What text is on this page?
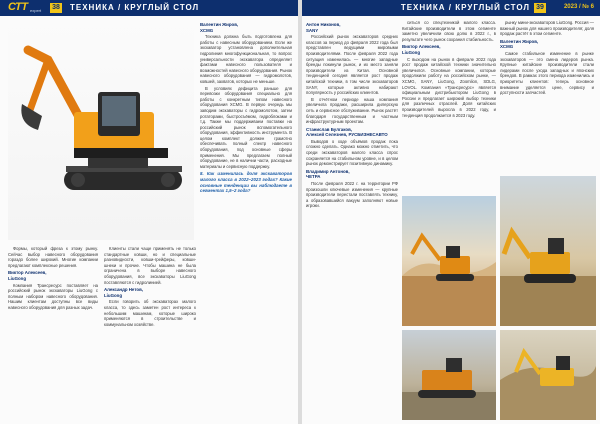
СТТ expert 38 ТЕХНИКА / КРУГЛЫЙ СТОЛ
Валентин Жиров,
XCMG

Техника должна быть подготовлена для работы с навесным оборудованием. Если же экскаватор установлена дополнительная гидролиния многофункциональная, то вопрос универсальности экскаватора определяет фактами навесного пользователя и возможностей навесного оборудования. Рынок навесного оборудования — гидромолотов, ковшей, захватов, которых не меньше.

В условиях дефицита раньше для перевозки оборудования специально для работы с конкретным типом навесного оборудования XCMG. В первую очередь мы заводим экскаваторы с гидромолотом, затем ротаторами, быстросъёмом, гидроблоками и т.д. Также мы поддерживаем поставки на российский рынок вспомогательного оборудования, эффективность инструмента. В целом комплект должен грамотно обеспечивать полный спектр навесного оборудования, под основные сферы применения. Мы предлагаем полный оборудование, не в наличии части, расходные материалы и сервисную поддержку.

8. Как изменилась доля экскаваторов малого класса в 2022–2023 годах? Какие основные тенденции вы наблюдаете в сегментах 1,5–2 года?

Формы, который фреза к этому рынку. Сейчас выбор навесного оборудования гораздо более широкий. Многие компании предлагают комплексные решения.

Виктор Алексеев,
LiuGong

Компания Трансресурс поставляет на российский рынок экскаваторы LiuGong с полным набором навесного оборудования. Нашим клиентам доступны все виды навесного оборудования для разных задач.

Клиенты стали чаще применять не только стандартные ковши, но и специальные разновидности, ковши-грейферы, ковши-шнеки и прочие. Чтобы машина не была ограничена в выборе навесного оборудования, все экскаваторы LiuGong поставляются с гидролинией.

Александр Нетов,
LiuGong

Если говорить об экскаваторах малого класса, то здесь заметен рост интереса к небольшим машинам, которые широко применяются в строительстве и коммунальном хозяйстве.

ТЕХНИКА / КРУГЛЫЙ СТОЛ 39	2023 / № 6
Антон Никонов,
SANY

Российский рынок экскаваторов средних классов за период до февраля 2022 года был представлен ведущими мировыми производителями. После февраля 2022 года ситуация изменилась — многие западные бренды покинули рынок, и их место заняли производители из Китая. Основной тенденцией сегодня является рост продаж китайской техники, в том числе экскаваторов SANY, которые активно набирают популярность у российских клиентов.

В отчётном периоде наша компания увеличила продажи, расширила дилерскую сеть и сервисное обслуживание. Рынок растёт благодаря государственным и частным инфраструктурным проектам.

Станислав Булгаков,
Алексей Селезнев, РУСБИЗНЕСАВТО

Выводов о ходе объёмов продаж пока сложно сделать. Однако можно отметить, что среди экскаваторов малого класса спрос сохраняется на стабильном уровне, и в целом рынок демонстрирует позитивную динамику.

Владимир Антонов,
ЧЕТРА

После февраля 2022 г. на территории РФ произошли ключевые изменения — крупные производители перестали поставлять технику, а образовавшийся вакуум заполняют новые игроки.

ситься со спецтехникой малого класса. Китайские производители в этом сегменте заметно увеличили свою долю в 2022 г., в результате чего рынок сохранил стабильность.

Виктор Алексеев,
LiuGong

С выходом на рынок в феврале 2022 года рост продаж китайской техники значительно увеличился. Основные компании, которые продолжили работу на российском рынке, — XCMG, SANY, LiuGong, Zoomlion, SDLG, LOVOL. Компания «Трансресурс» является официальным дистрибьютором LiuGong в России и предлагает широкий выбор техники для различных отраслей. Доля китайских производителей выросла в 2022 году, и тенденция продолжается в 2023 году.

рынку мини-экскаваторов LiuGong. Россия — важный рынок для нашего производителя; доля продаж растёт в этом сегменте.

Валентин Жиров,
XCMG

Самое стабильное изменение в рынке экскаваторов — это смена лидеров рынка. Крупные китайские производители стали лидерами после ухода западных и японских брендов. В рамках этого периода изменились и приоритеты клиентов: теперь основное внимание уделяется цене, сервису и доступности запчастей.
